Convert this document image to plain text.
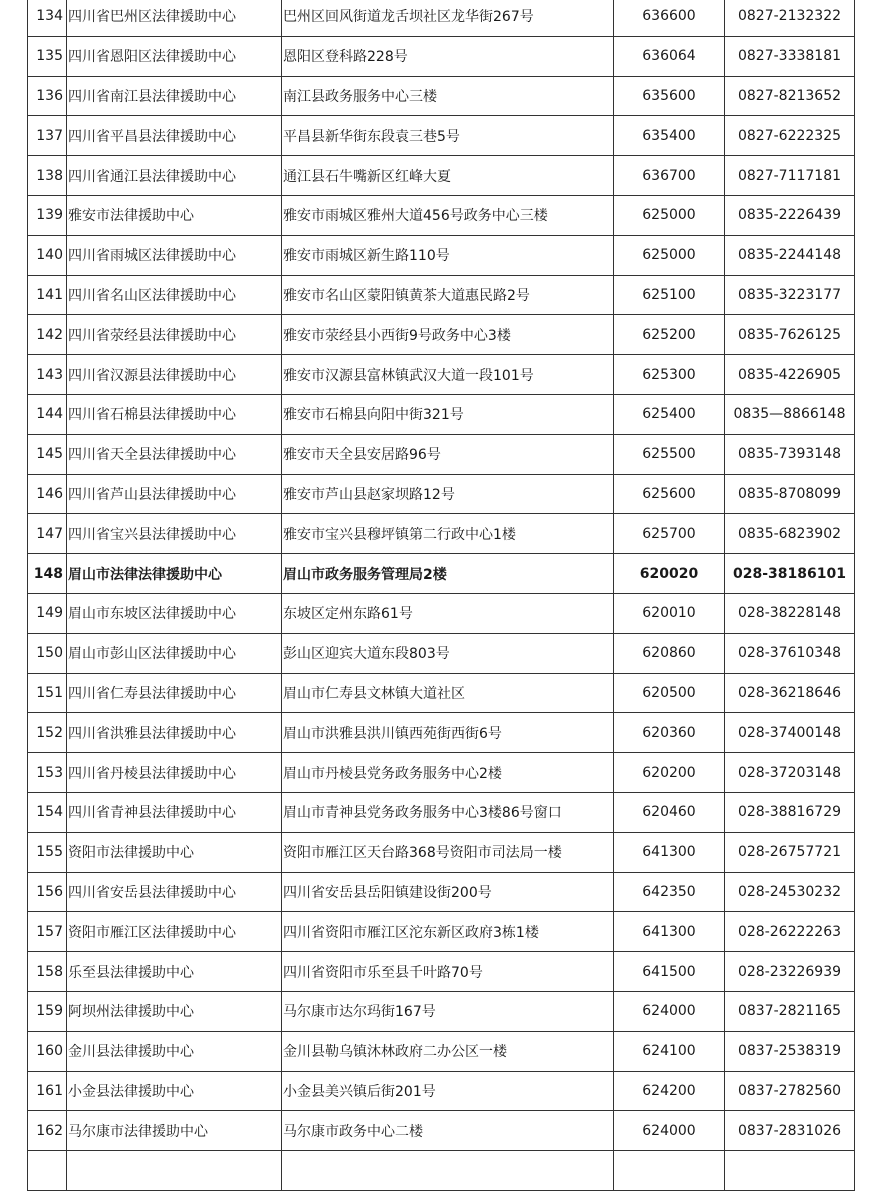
134	四川省巴州区法律援助中心	巴州区回风街道龙舌坝社区龙华街267号	636600	0827-2132322
135	四川省恩阳区法律援助中心	恩阳区登科路228号	636064	0827-3338181
136	四川省南江县法律援助中心	南江县政务服务中心三楼	635600	0827-8213652
137	四川省平昌县法律援助中心	平昌县新华街东段袁三巷5号	635400	0827-6222325
138	四川省通江县法律援助中心	通江县石牛嘴新区红峰大夏	636700	0827-7117181
139	雅安市法律援助中心	雅安市雨城区雅州大道456号政务中心三楼	625000	0835-2226439
140	四川省雨城区法律援助中心	雅安市雨城区新生路110号	625000	0835-2244148
141	四川省名山区法律援助中心	雅安市名山区蒙阳镇黄茶大道惠民路2号	625100	0835-3223177
142	四川省荥经县法律援助中心	雅安市荥经县小西街9号政务中心3楼	625200	0835-7626125
143	四川省汉源县法律援助中心	雅安市汉源县富林镇武汉大道一段101号	625300	0835-4226905
144	四川省石棉县法律援助中心	雅安市石棉县向阳中街321号	625400	0835—8866148
145	四川省天全县法律援助中心	雅安市天全县安居路96号	625500	0835-7393148
146	四川省芦山县法律援助中心	雅安市芦山县赵家坝路12号	625600	0835-8708099
147	四川省宝兴县法律援助中心	雅安市宝兴县穆坪镇第二行政中心1楼	625700	0835-6823902
148	眉山市法律法律援助中心	眉山市政务服务管理局2楼	620020	028-38186101
149	眉山市东坡区法律援助中心	东坡区定州东路61号	620010	028-38228148
150	眉山市彭山区法律援助中心	彭山区迎宾大道东段803号	620860	028-37610348
151	四川省仁寿县法律援助中心	眉山市仁寿县文林镇大道社区	620500	028-36218646
152	四川省洪雅县法律援助中心	眉山市洪雅县洪川镇西苑街西街6号	620360	028-37400148
153	四川省丹棱县法律援助中心	眉山市丹棱县党务政务服务中心2楼	620200	028-37203148
154	四川省青神县法律援助中心	眉山市青神县党务政务服务中心3楼86号窗口	620460	028-38816729
155	资阳市法律援助中心	资阳市雁江区天台路368号资阳市司法局一楼	641300	028-26757721
156	四川省安岳县法律援助中心	四川省安岳县岳阳镇建设街200号	642350	028-24530232
157	资阳市雁江区法律援助中心	四川省资阳市雁江区沱东新区政府3栋1楼	641300	028-26222263
158	乐至县法律援助中心	四川省资阳市乐至县千叶路70号	641500	028-23226939
159	阿坝州法律援助中心	马尔康市达尔玛街167号	624000	0837-2821165
160	金川县法律援助中心	金川县勒乌镇沐林政府二办公区一楼	624100	0837-2538319
161	小金县法律援助中心	小金县美兴镇后街201号	624200	0837-2782560
162	马尔康市法律援助中心	马尔康市政务中心二楼	624000	0837-2831026
